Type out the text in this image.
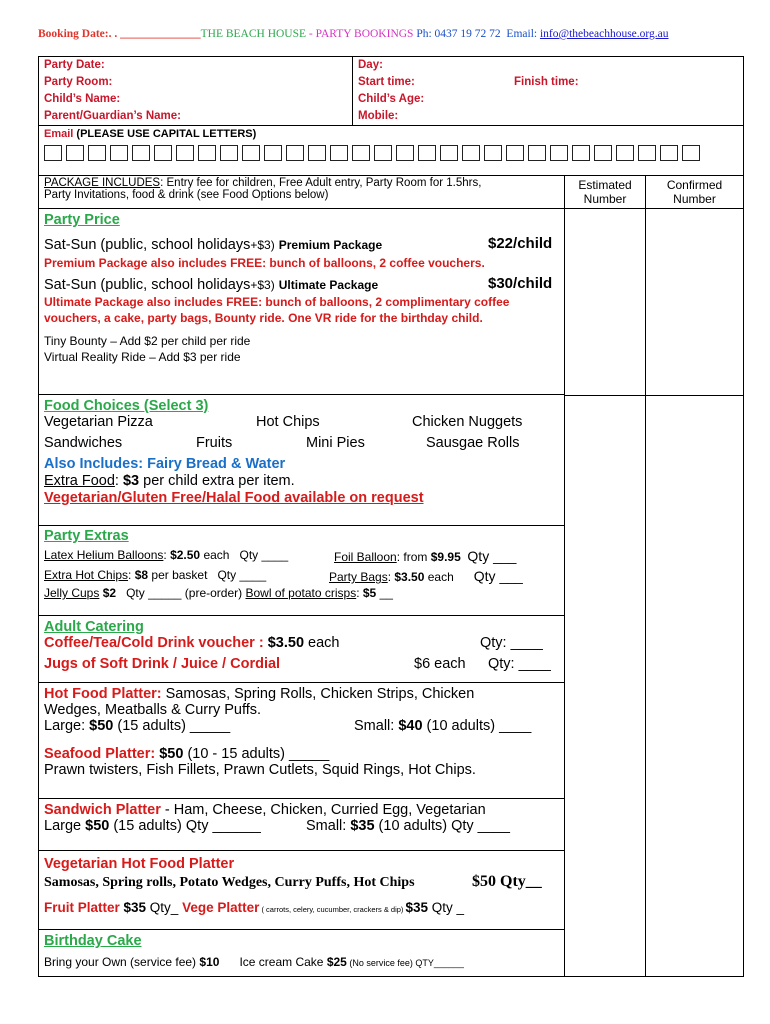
Booking Date:. . ______________THE BEACH HOUSE - PARTY BOOKINGS Ph: 0437 19 72 72 Email: info@thebeachhouse.org.au
Party Date:
Party Room:
Child’s Name:
Parent/Guardian’s Name:
Day:
Start time:	Finish time:
Child’s Age:
Mobile:
Email (PLEASE USE CAPITAL LETTERS)
PACKAGE INCLUDES: Entry fee for children, Free Adult entry, Party Room for 1.5hrs,
Party Invitations, food & drink (see Food Options below)
Party Price
Sat-Sun (public, school holidays+$3) Premium Package	$22/child
Premium Package also includes FREE: bunch of balloons, 2 coffee vouchers.
Sat-Sun (public, school holidays+$3) Ultimate Package	$30/child
Ultimate Package also includes FREE: bunch of balloons, 2 complimentary coffee
vouchers, a cake, party bags, Bounty ride. One VR ride for the birthday child.
Tiny Bounty – Add $2 per child per ride
Virtual Reality Ride – Add $3 per ride
Food Choices (Select 3)
Vegetarian Pizza	Hot Chips	Chicken Nuggets
Sandwiches	Fruits	Mini Pies	Sausgae Rolls
Also Includes: Fairy Bread & Water
Extra Food: $3 per child extra per item.
Vegetarian/Gluten Free/Halal Food available on request
Party Extras
Latex Helium Balloons: $2.50 each Qty ____	Foil Balloon: from $9.95 Qty ___
Extra Hot Chips: $8 per basket Qty ____	Party Bags: $3.50 each Qty ___
Jelly Cups $2 Qty _____ (pre-order) Bowl of potato crisps: $5 __
Adult Catering
Coffee/Tea/Cold Drink voucher : $3.50 each	Qty: ____
Jugs of Soft Drink / Juice / Cordial	$6 each Qty: ____
Hot Food Platter: Samosas, Spring Rolls, Chicken Strips, Chicken
Wedges, Meatballs & Curry Puffs.
Large: $50 (15 adults) _____	Small: $40 (10 adults) ____
Seafood Platter: $50 (10 - 15 adults) _____
Prawn twisters, Fish Fillets, Prawn Cutlets, Squid Rings, Hot Chips.
Sandwich Platter - Ham, Cheese, Chicken, Curried Egg, Vegetarian
Large $50 (15 adults) Qty ______	Small: $35 (10 adults) Qty ____
Vegetarian Hot Food Platter
Samosas, Spring rolls, Potato Wedges, Curry Puffs, Hot Chips	$50 Qty__
Fruit Platter $35 Qty_ Vege Platter ( carrots, celery, cucumber, crackers & dip) $35 Qty _
Birthday Cake
Bring your Own (service fee) $10 Ice cream Cake $25 (No service fee) QTY______
Estimated
Number
Confirmed
Number
